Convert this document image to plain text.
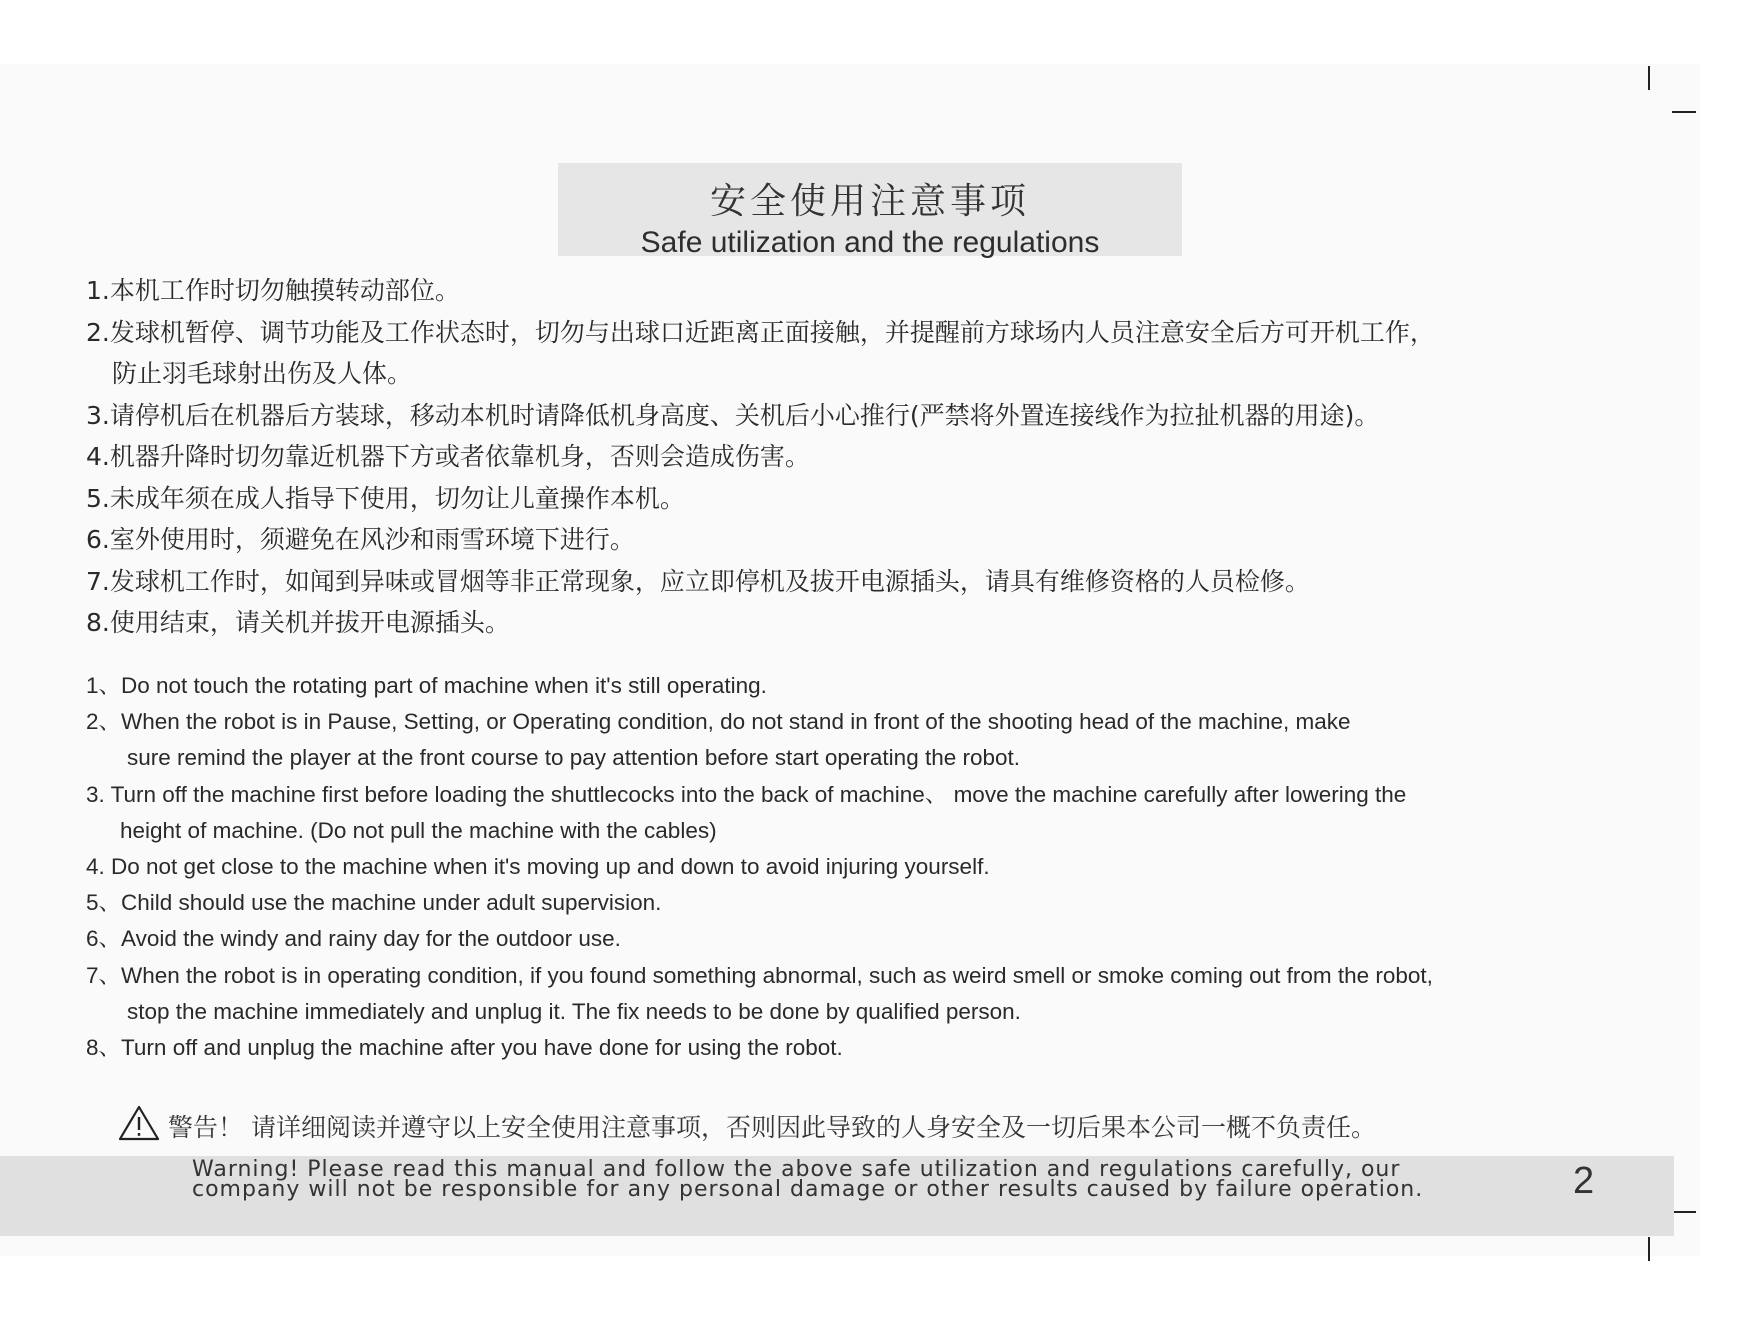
安全使用注意事项
Safe utilization and the regulations
1.本机工作时切勿触摸转动部位。
2.发球机暂停、调节功能及工作状态时，切勿与出球口近距离正面接触，并提醒前方球场内人员注意安全后方可开机工作，
防止羽毛球射出伤及人体。
3.请停机后在机器后方装球，移动本机时请降低机身高度、关机后小心推行(严禁将外置连接线作为拉扯机器的用途)。
4.机器升降时切勿靠近机器下方或者依靠机身，否则会造成伤害。
5.未成年须在成人指导下使用，切勿让儿童操作本机。
6.室外使用时，须避免在风沙和雨雪环境下进行。
7.发球机工作时，如闻到异味或冒烟等非正常现象，应立即停机及拔开电源插头，请具有维修资格的人员检修。
8.使用结束，请关机并拔开电源插头。
1、Do not touch the rotating part of machine when it's still operating.
2、When the robot is in Pause, Setting, or Operating condition, do not stand in front of the shooting head of the machine, make
sure remind the player at the front course to pay attention before start operating the robot.
3. Turn off the machine first before loading the shuttlecocks into the back of machine、 move the machine carefully after lowering the
height of machine. (Do not pull the machine with the cables)
4. Do not get close to the machine when it's moving up and down to avoid injuring yourself.
5、Child should use the machine under adult supervision.
6、Avoid the windy and rainy day for the outdoor use.
7、When the robot is in operating condition, if you found something abnormal, such as weird smell or smoke coming out from the robot,
stop the machine immediately and unplug it. The fix needs to be done by qualified person.
8、Turn off and unplug the machine after you have done for using the robot.
警告！ 请详细阅读并遵守以上安全使用注意事项，否则因此导致的人身安全及一切后果本公司一概不负责任。
Warning! Please read this manual and follow the above safe utilization and regulations carefully, our
company will not be responsible for any personal damage or other results caused by failure operation.	2
